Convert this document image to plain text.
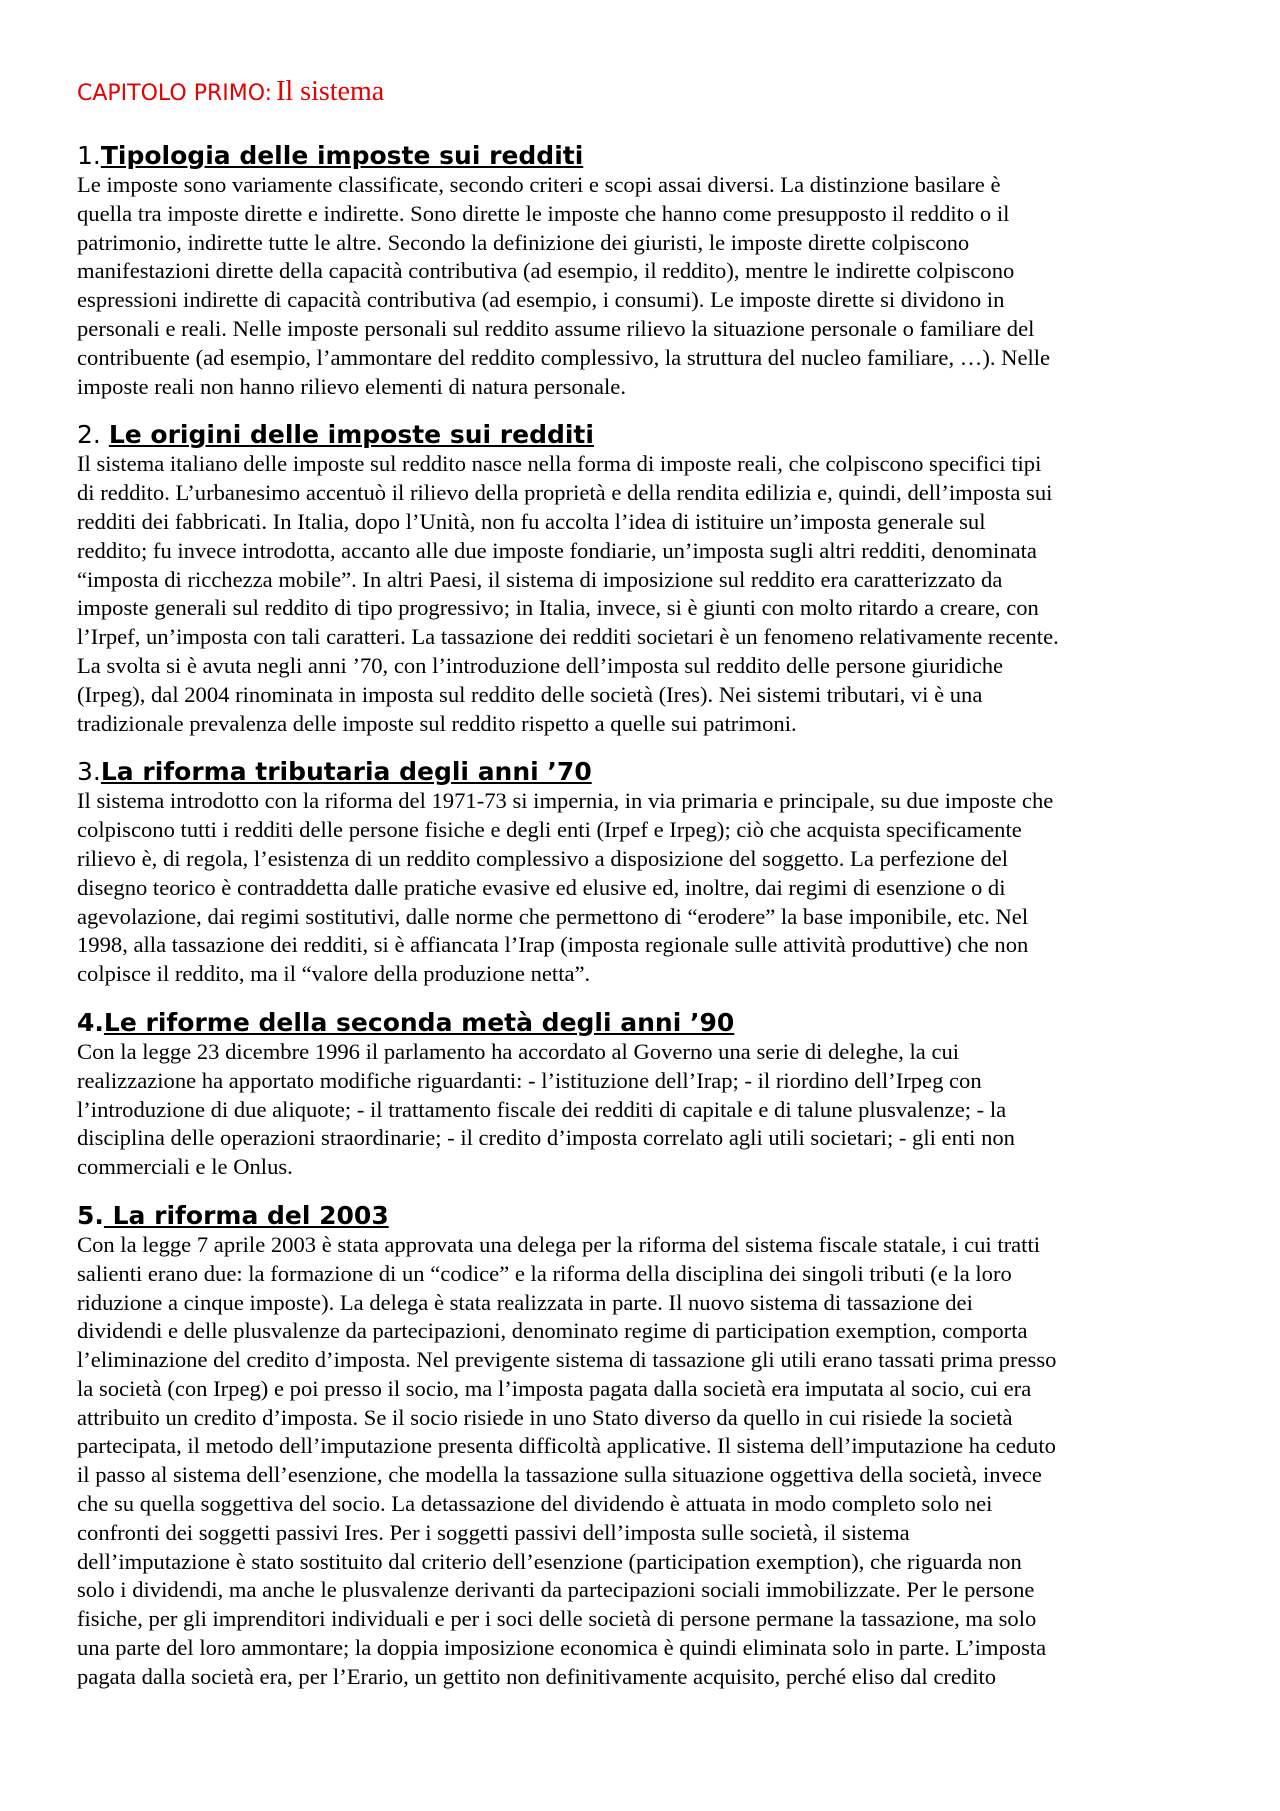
CAPITOLO PRIMO: Il sistema
1.Tipologia delle imposte sui redditi

Le imposte sono variamente classificate, secondo criteri e scopi assai diversi. La distinzione basilare è
quella tra imposte dirette e indirette. Sono dirette le imposte che hanno come presupposto il reddito o il
patrimonio, indirette tutte le altre. Secondo la definizione dei giuristi, le imposte dirette colpiscono
manifestazioni dirette della capacità contributiva (ad esempio, il reddito), mentre le indirette colpiscono
espressioni indirette di capacità contributiva (ad esempio, i consumi). Le imposte dirette si dividono in
personali e reali. Nelle imposte personali sul reddito assume rilievo la situazione personale o familiare del
contribuente (ad esempio, l’ammontare del reddito complessivo, la struttura del nucleo familiare, …). Nelle
imposte reali non hanno rilievo elementi di natura personale.

2. Le origini delle imposte sui redditi

Il sistema italiano delle imposte sul reddito nasce nella forma di imposte reali, che colpiscono specifici tipi
di reddito. L’urbanesimo accentuò il rilievo della proprietà e della rendita edilizia e, quindi, dell’imposta sui
redditi dei fabbricati. In Italia, dopo l’Unità, non fu accolta l’idea di istituire un’imposta generale sul
reddito; fu invece introdotta, accanto alle due imposte fondiarie, un’imposta sugli altri redditi, denominata
“imposta di ricchezza mobile”. In altri Paesi, il sistema di imposizione sul reddito era caratterizzato da
imposte generali sul reddito di tipo progressivo; in Italia, invece, si è giunti con molto ritardo a creare, con
l’Irpef, un’imposta con tali caratteri. La tassazione dei redditi societari è un fenomeno relativamente recente.
La svolta si è avuta negli anni ’70, con l’introduzione dell’imposta sul reddito delle persone giuridiche
(Irpeg), dal 2004 rinominata in imposta sul reddito delle società (Ires). Nei sistemi tributari, vi è una
tradizionale prevalenza delle imposte sul reddito rispetto a quelle sui patrimoni.

3.La riforma tributaria degli anni ’70

Il sistema introdotto con la riforma del 1971-73 si impernia, in via primaria e principale, su due imposte che
colpiscono tutti i redditi delle persone fisiche e degli enti (Irpef e Irpeg); ciò che acquista specificamente
rilievo è, di regola, l’esistenza di un reddito complessivo a disposizione del soggetto. La perfezione del
disegno teorico è contraddetta dalle pratiche evasive ed elusive ed, inoltre, dai regimi di esenzione o di
agevolazione, dai regimi sostitutivi, dalle norme che permettono di “erodere” la base imponibile, etc. Nel
1998, alla tassazione dei redditi, si è affiancata l’Irap (imposta regionale sulle attività produttive) che non
colpisce il reddito, ma il “valore della produzione netta”.

4.Le riforme della seconda metà degli anni ’90

Con la legge 23 dicembre 1996 il parlamento ha accordato al Governo una serie di deleghe, la cui
realizzazione ha apportato modifiche riguardanti: - l’istituzione dell’Irap; - il riordino dell’Irpeg con
l’introduzione di due aliquote; - il trattamento fiscale dei redditi di capitale e di talune plusvalenze; - la
disciplina delle operazioni straordinarie; - il credito d’imposta correlato agli utili societari; - gli enti non
commerciali e le Onlus.

5. La riforma del 2003

Con la legge 7 aprile 2003 è stata approvata una delega per la riforma del sistema fiscale statale, i cui tratti
salienti erano due: la formazione di un “codice” e la riforma della disciplina dei singoli tributi (e la loro
riduzione a cinque imposte). La delega è stata realizzata in parte. Il nuovo sistema di tassazione dei
dividendi e delle plusvalenze da partecipazioni, denominato regime di participation exemption, comporta
l’eliminazione del credito d’imposta. Nel previgente sistema di tassazione gli utili erano tassati prima presso
la società (con Irpeg) e poi presso il socio, ma l’imposta pagata dalla società era imputata al socio, cui era
attribuito un credito d’imposta. Se il socio risiede in uno Stato diverso da quello in cui risiede la società
partecipata, il metodo dell’imputazione presenta difficoltà applicative. Il sistema dell’imputazione ha ceduto
il passo al sistema dell’esenzione, che modella la tassazione sulla situazione oggettiva della società, invece
che su quella soggettiva del socio. La detassazione del dividendo è attuata in modo completo solo nei
confronti dei soggetti passivi Ires. Per i soggetti passivi dell’imposta sulle società, il sistema
dell’imputazione è stato sostituito dal criterio dell’esenzione (participation exemption), che riguarda non
solo i dividendi, ma anche le plusvalenze derivanti da partecipazioni sociali immobilizzate. Per le persone
fisiche, per gli imprenditori individuali e per i soci delle società di persone permane la tassazione, ma solo
una parte del loro ammontare; la doppia imposizione economica è quindi eliminata solo in parte. L’imposta
pagata dalla società era, per l’Erario, un gettito non definitivamente acquisito, perché eliso dal credito
